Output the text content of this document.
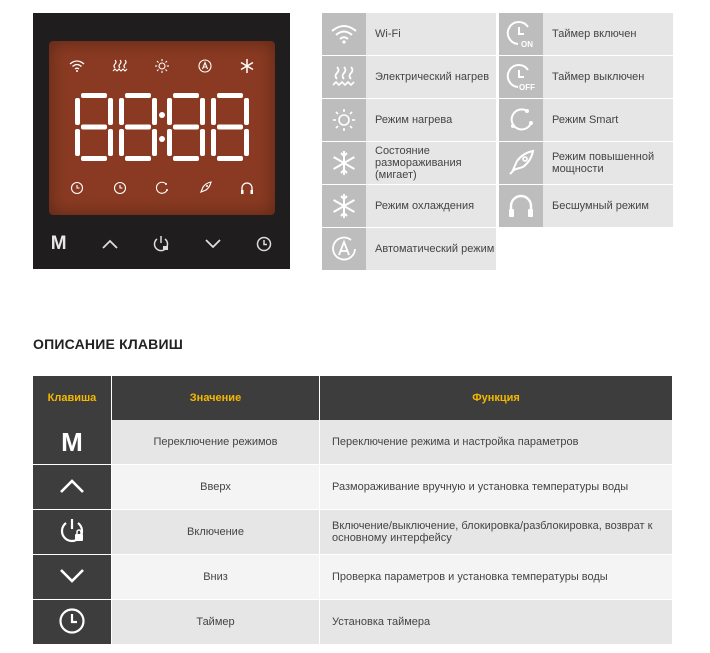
M
Wi-Fi
Электрический нагрев
Режим нагрева
Состояние размораживания (мигает)
Режим охлаждения
Автоматический режим
ON
Таймер включен
OFF
Таймер выключен
Режим Smart
Режим повышенной мощности
Бесшумный режим
ОПИСАНИЕ КЛАВИШ
Клавиша	Значение	Функция
M	Переключение режимов	Переключение режима и настройка параметров
	Вверх	Размораживание вручную и установка температуры воды
	Включение	Включение/выключение, блокировка/разблокировка, возврат к основному интерфейсу
	Вниз	Проверка параметров и установка температуры воды
	Таймер	Установка таймера
